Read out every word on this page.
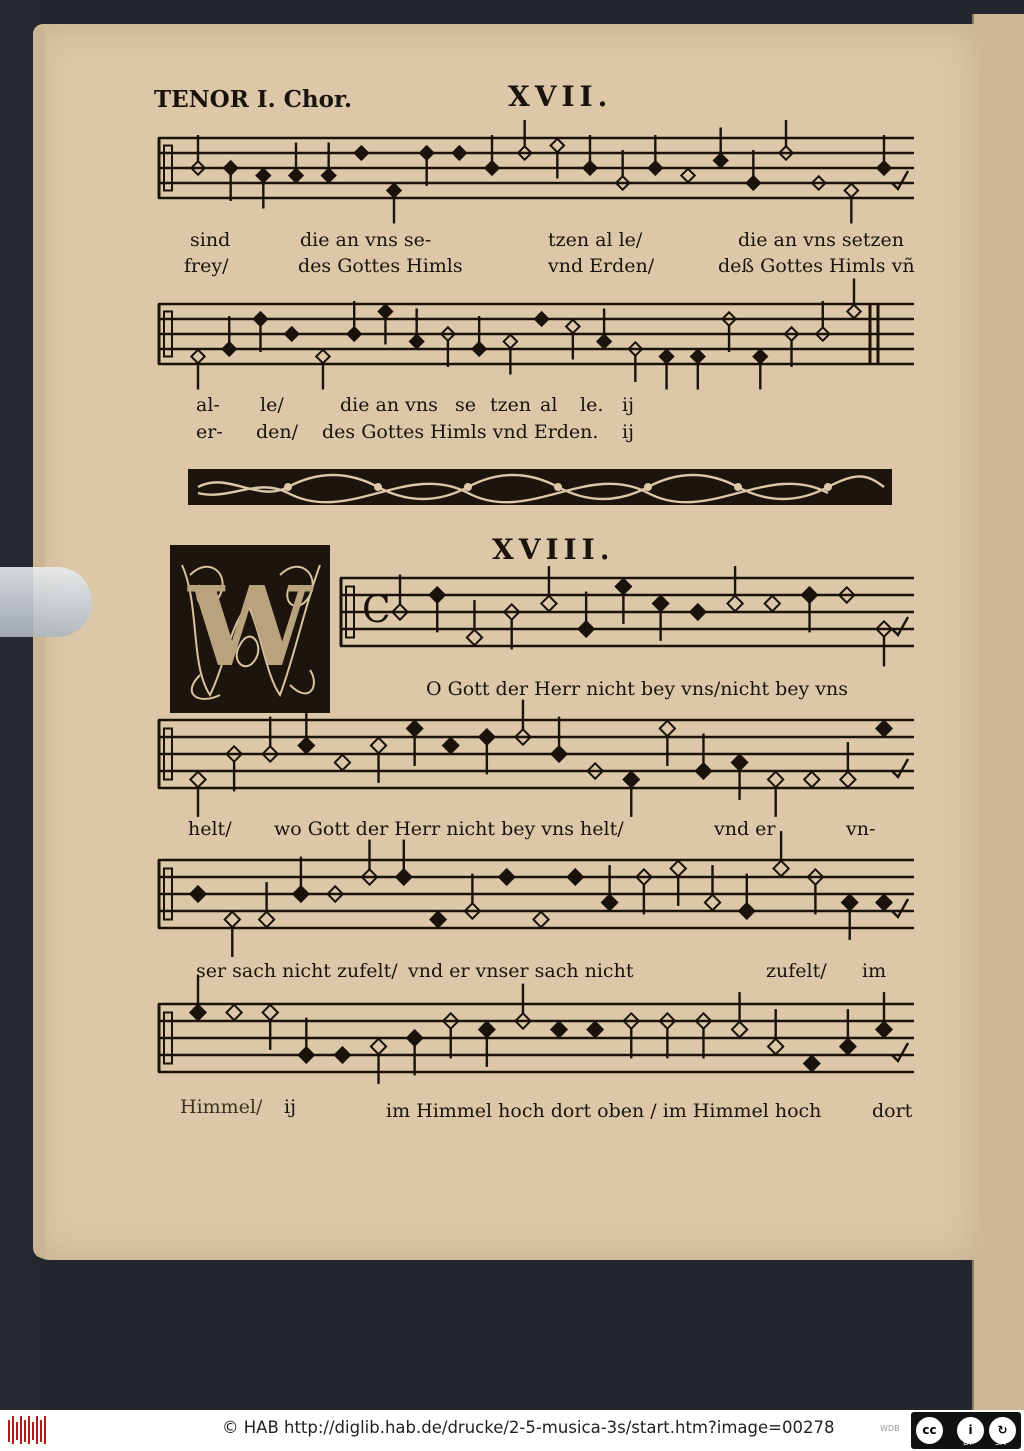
TENOR I. Chor.	XVII.
sind	die an vns se-	tzen al le/	die an vns setzen
frey/	des Gottes Himls	vnd Erden/	deß Gottes Himls vñ
al- le/	die an vns se tzen al le. ij
er- den/ des Gottes Himls vnd Erden. ij
XVIII.
W C
O Gott der Herr nicht bey vns/nicht bey vns
helt/ wo Gott der Herr nicht bey vns helt/	vnd er	vn-
ser sach nicht zufelt/ vnd er vnser sach nicht	zufelt/ im
Himmel/ ij	im Himmel hoch dort oben / im Himmel hoch	dort
© HAB http://diglib.hab.de/drucke/2-5-musica-3s/start.htm?image=00278	WDB	cc	i	↻
BY	SA
